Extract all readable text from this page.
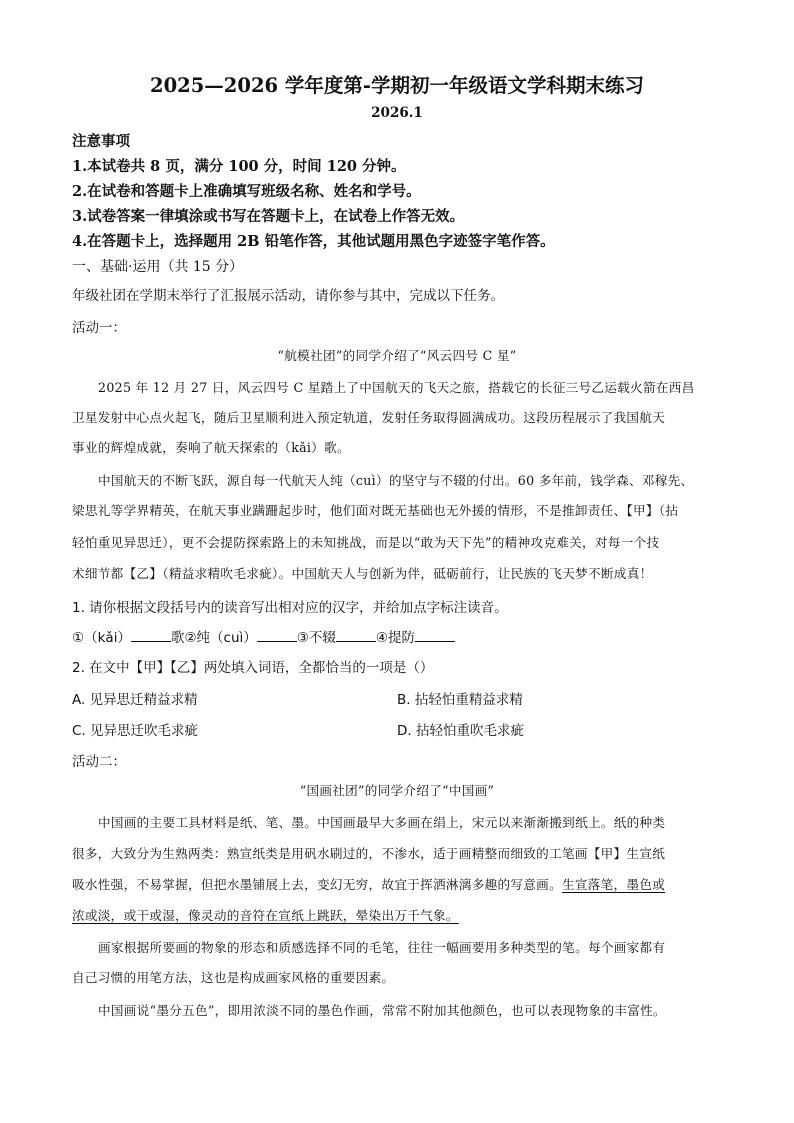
2025—2026 学年度第-学期初一年级语文学科期末练习
2026.1
注意事项
1.本试卷共 8 页，满分 100 分，时间 120 分钟。
2.在试卷和答题卡上准确填写班级名称、姓名和学号。
3.试卷答案一律填涂或书写在答题卡上，在试卷上作答无效。
4.在答题卡上，选择题用 2B 铅笔作答，其他试题用黑色字迹签字笔作答。
一、基础·运用（共 15 分）
年级社团在学期末举行了汇报展示活动，请你参与其中，完成以下任务。
活动一：
“航模社团”的同学介绍了“风云四号 C 星”
2025 年 12 月 27 日，风云四号 C 星踏上了中国航天的飞天之旅，搭载它的长征三号乙运载火箭在西昌
卫星发射中心点火起飞，随后卫星顺利进入预定轨道，发射任务取得圆满成功。这段历程展示了我国航天
事业的辉煌成就，奏响了航天探索的（kǎi）歌。
中国航天的不断飞跃，源自每一代航天人纯（cuì）的坚守与不辍的付出。60 多年前，钱学森、邓稼先、
梁思礼等学界精英，在航天事业蹒跚起步时，他们面对既无基础也无外援的情形，不是推卸责任、【甲】（拈
轻怕重见异思迁），更不会提防探索路上的未知挑战，而是以“敢为天下先”的精神攻克难关，对每一个技
术细节都【乙】（精益求精吹毛求疵）。中国航天人与创新为伴，砥砺前行，让民族的飞天梦不断成真！
1. 请你根据文段括号内的读音写出相对应的汉字，并给加点字标注读音。
①（kǎi）	歌②纯（cuì）	③不辍	④提防
2. 在文中【甲】【乙】两处填入词语，全都恰当的一项是（）
A. 见异思迁精益求精	B. 拈轻怕重精益求精
C. 见异思迁吹毛求疵	D. 拈轻怕重吹毛求疵
活动二：
“国画社团”的同学介绍了“中国画”
中国画的主要工具材料是纸、笔、墨。中国画最早大多画在绢上，宋元以来渐渐搬到纸上。纸的种类
很多，大致分为生熟两类：熟宣纸类是用矾水刷过的，不渗水，适于画精整而细致的工笔画【甲】生宣纸
吸水性强，不易掌握，但把水墨铺展上去，变幻无穷，故宜于挥洒淋漓多趣的写意画。生宣落笔，墨色或
浓或淡，或干或湿，像灵动的音符在宣纸上跳跃，晕染出万千气象。
画家根据所要画的物象的形态和质感选择不同的毛笔，往往一幅画要用多种类型的笔。每个画家都有
自己习惯的用笔方法，这也是构成画家风格的重要因素。
中国画说“墨分五色”，即用浓淡不同的墨色作画，常常不附加其他颜色，也可以表现物象的丰富性。
